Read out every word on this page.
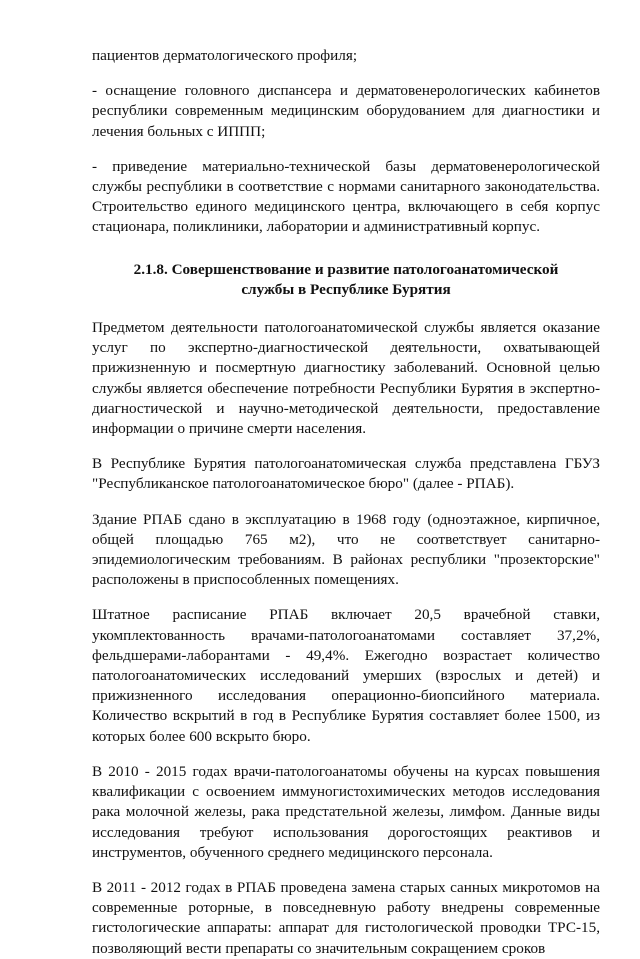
пациентов дерматологического профиля;

- оснащение головного диспансера и дерматовенерологических кабинетов республики современным медицинским оборудованием для диагностики и лечения больных с ИППП;

- приведение материально-технической базы дерматовенерологической службы республики в соответствие с нормами санитарного законодательства. Строительство единого медицинского центра, включающего в себя корпус стационара, поликлиники, лаборатории и административный корпус.

2.1.8. Совершенствование и развитие патологоанатомической
службы в Республике Бурятия

Предметом деятельности патологоанатомической службы является оказание услуг по экспертно-диагностической деятельности, охватывающей прижизненную и посмертную диагностику заболеваний. Основной целью службы является обеспечение потребности Республики Бурятия в экспертно-диагностической и научно-методической деятельности, предоставление информации о причине смерти населения.

В Республике Бурятия патологоанатомическая служба представлена ГБУЗ "Республиканское патологоанатомическое бюро" (далее - РПАБ).

Здание РПАБ сдано в эксплуатацию в 1968 году (одноэтажное, кирпичное, общей площадью 765 м2), что не соответствует санитарно-эпидемиологическим требованиям. В районах республики "прозекторские" расположены в приспособленных помещениях.

Штатное расписание РПАБ включает 20,5 врачебной ставки, укомплектованность врачами-патологоанатомами составляет 37,2%, фельдшерами-лаборантами - 49,4%. Ежегодно возрастает количество патологоанатомических исследований умерших (взрослых и детей) и прижизненного исследования операционно-биопсийного материала. Количество вскрытий в год в Республике Бурятия составляет более 1500, из которых более 600 вскрыто бюро.

В 2010 - 2015 годах врачи-патологоанатомы обучены на курсах повышения квалификации с освоением иммуногистохимических методов исследования рака молочной железы, рака предстательной железы, лимфом. Данные виды исследования требуют использования дорогостоящих реактивов и инструментов, обученного среднего медицинского персонала.

В 2011 - 2012 годах в РПАБ проведена замена старых санных микротомов на современные роторные, в повседневную работу внедрены современные гистологические аппараты: аппарат для гистологической проводки ТРС-15, позволяющий вести препараты со значительным сокращением сроков
